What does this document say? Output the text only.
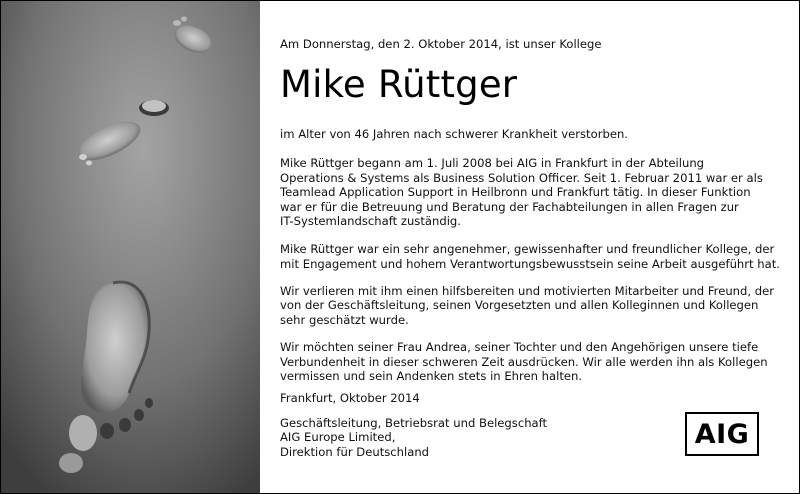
Am Donnerstag, den 2. Oktober 2014, ist unser Kollege

Mike Rüttger

im Alter von 46 Jahren nach schwerer Krankheit verstorben.

Mike Rüttger begann am 1. Juli 2008 bei AIG in Frankfurt in der Abteilung

Operations & Systems als Business Solution Officer. Seit 1. Februar 2011 war er als

Teamlead Application Support in Heilbronn und Frankfurt tätig. In dieser Funktion

war er für die Betreuung und Beratung der Fachabteilungen in allen Fragen zur

IT-Systemlandschaft zuständig.

Mike Rüttger war ein sehr angenehmer, gewissenhafter und freundlicher Kollege, der

mit Engagement und hohem Verantwortungsbewusstsein seine Arbeit ausgeführt hat.

Wir verlieren mit ihm einen hilfsbereiten und motivierten Mitarbeiter und Freund, der

von der Geschäftsleitung, seinen Vorgesetzten und allen Kolleginnen und Kollegen

sehr geschätzt wurde.

Wir möchten seiner Frau Andrea, seiner Tochter und den Angehörigen unsere tiefe

Verbundenheit in dieser schweren Zeit ausdrücken. Wir alle werden ihn als Kollegen

vermissen und sein Andenken stets in Ehren halten.

Frankfurt, Oktober 2014

Geschäftsleitung, Betriebsrat und Belegschaft

AIG Europe Limited,

Direktion für Deutschland

AIG
